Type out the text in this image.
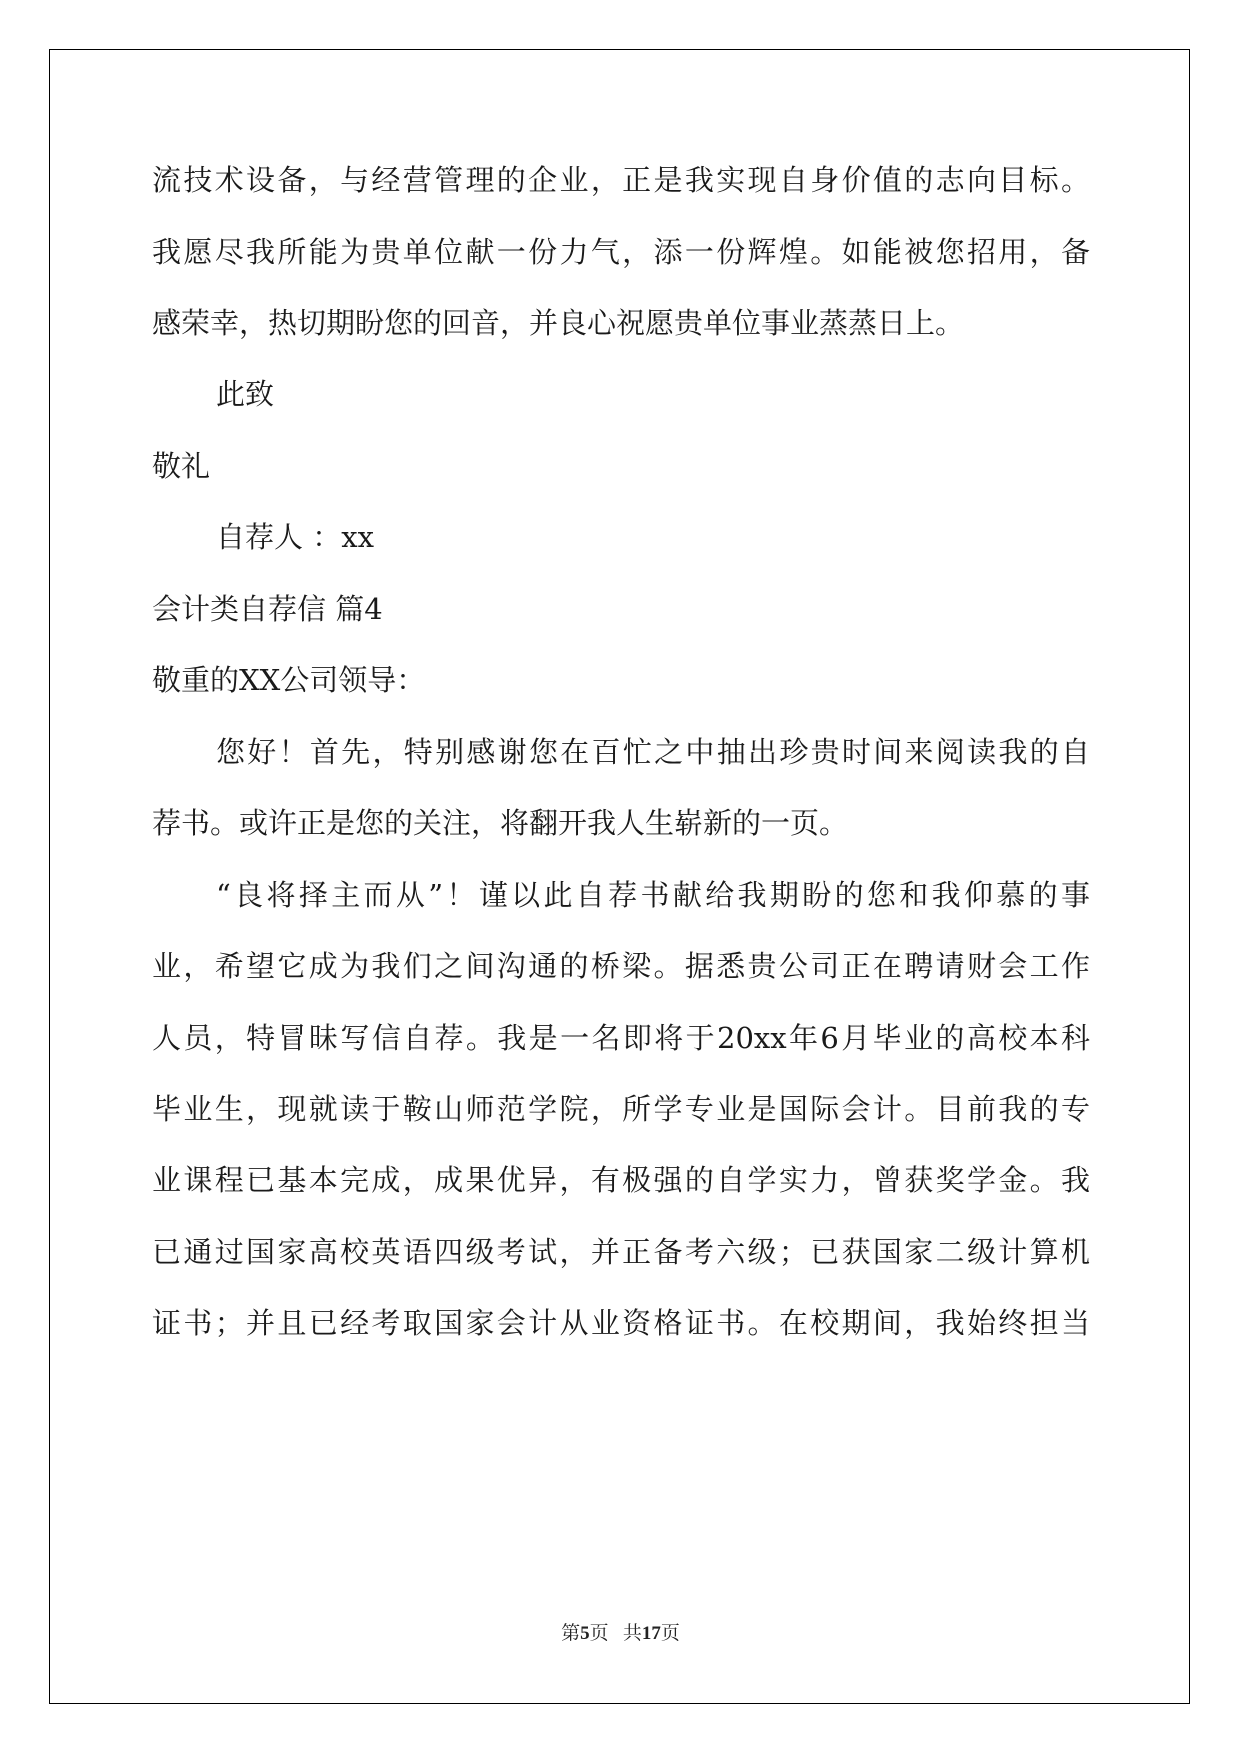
流技术设备，与经营管理的企业，正是我实现自身价值的志向目标。
我愿尽我所能为贵单位献一份力气，添一份辉煌。如能被您招用，备
感荣幸，热切期盼您的回音，并良心祝愿贵单位事业蒸蒸日上。
此致
敬礼
自荐人 ：xx
会计类自荐信 篇4
敬重的XX公司领导：
您好！首先，特别感谢您在百忙之中抽出珍贵时间来阅读我的自
荐书。或许正是您的关注，将翻开我人生崭新的一页。
“良将择主而从”！谨以此自荐书献给我期盼的您和我仰慕的事
业，希望它成为我们之间沟通的桥梁。据悉贵公司正在聘请财会工作
人员，特冒昧写信自荐。我是一名即将于20xx年6月毕业的高校本科
毕业生，现就读于鞍山师范学院，所学专业是国际会计。目前我的专
业课程已基本完成，成果优异，有极强的自学实力，曾获奖学金。我
已通过国家高校英语四级考试，并正备考六级；已获国家二级计算机
证书；并且已经考取国家会计从业资格证书。在校期间，我始终担当
第5页 共17页
